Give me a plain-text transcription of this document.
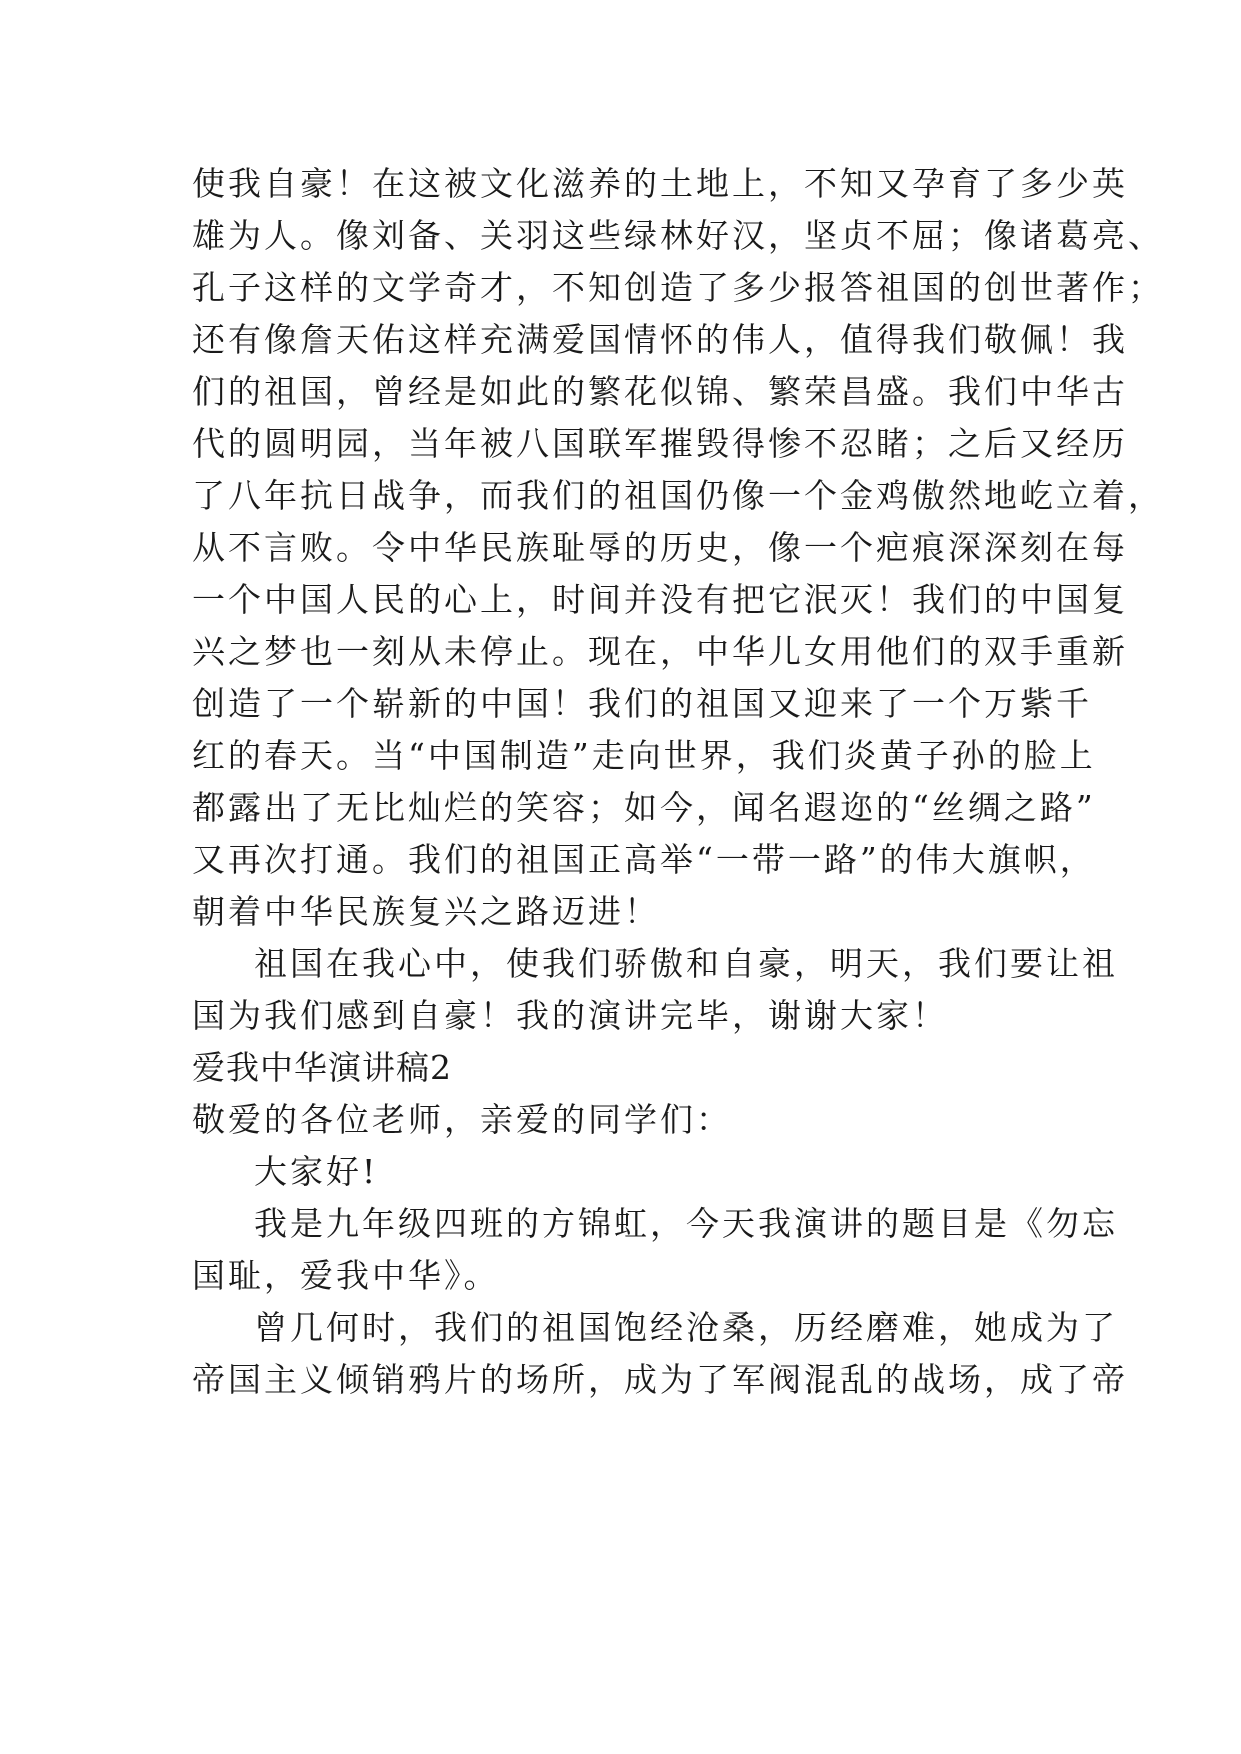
使我自豪！在这被文化滋养的土地上，不知又孕育了多少英
雄为人。像刘备、关羽这些绿林好汉，坚贞不屈；像诸葛亮、
孔子这样的文学奇才，不知创造了多少报答祖国的创世著作；
还有像詹天佑这样充满爱国情怀的伟人，值得我们敬佩！我
们的祖国，曾经是如此的繁花似锦、繁荣昌盛。我们中华古
代的圆明园，当年被八国联军摧毁得惨不忍睹；之后又经历
了八年抗日战争，而我们的祖国仍像一个金鸡傲然地屹立着，
从不言败。令中华民族耻辱的历史，像一个疤痕深深刻在每
一个中国人民的心上，时间并没有把它泯灭！我们的中国复
兴之梦也一刻从未停止。现在，中华儿女用他们的双手重新
创造了一个崭新的中国！我们的祖国又迎来了一个万紫千
红的春天。当“中国制造”走向世界，我们炎黄子孙的脸上
都露出了无比灿烂的笑容；如今，闻名遐迩的“丝绸之路”
又再次打通。我们的祖国正高举“一带一路”的伟大旗帜，
朝着中华民族复兴之路迈进！
祖国在我心中，使我们骄傲和自豪，明天，我们要让祖
国为我们感到自豪！我的演讲完毕，谢谢大家！
爱我中华演讲稿2
敬爱的各位老师，亲爱的同学们：
大家好!
我是九年级四班的方锦虹，今天我演讲的题目是《勿忘
国耻，爱我中华》。
曾几何时，我们的祖国饱经沧桑，历经磨难，她成为了
帝国主义倾销鸦片的场所，成为了军阀混乱的战场，成了帝
